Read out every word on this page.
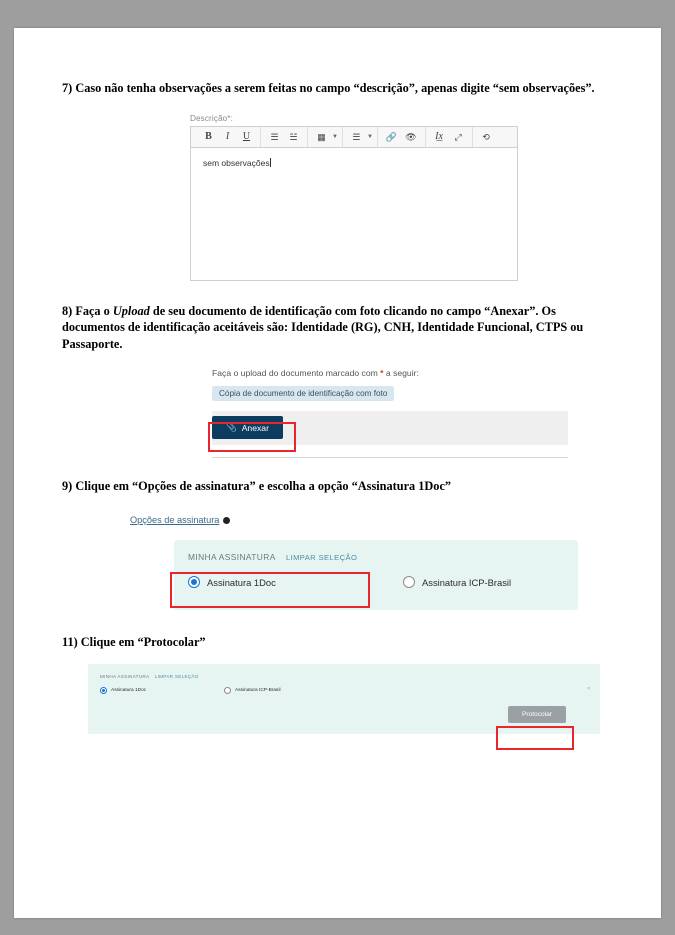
7) Caso não tenha observações a serem feitas no campo “descrição”, apenas digite “sem observações”.

Descrição*:
B	I	U	☰	☱	▦	▼	☰	▼	🔗 👁	I͟x	⤢	⟲
sem observações

8) Faça o Upload de seu documento de identificação com foto clicando no campo “Anexar”. Os documentos de identificação aceitáveis são: Identidade (RG), CNH, Identidade Funcional, CTPS ou Passaporte.

Faça o upload do documento marcado com * a seguir:
Cópia de documento de identificação com foto
📎 Anexar

9) Clique em “Opções de assinatura” e escolha a opção “Assinatura 1Doc”

Opções de assinatura
MINHA ASSINATURA LIMPAR SELEÇÃO
Assinatura 1Doc	Assinatura ICP-Brasil

11) Clique em “Protocolar”

MINHA ASSINATURA LIMPAR SELEÇÃO
Assinatura 1Doc	Assinatura ICP-Brasil	×
Protocolar
